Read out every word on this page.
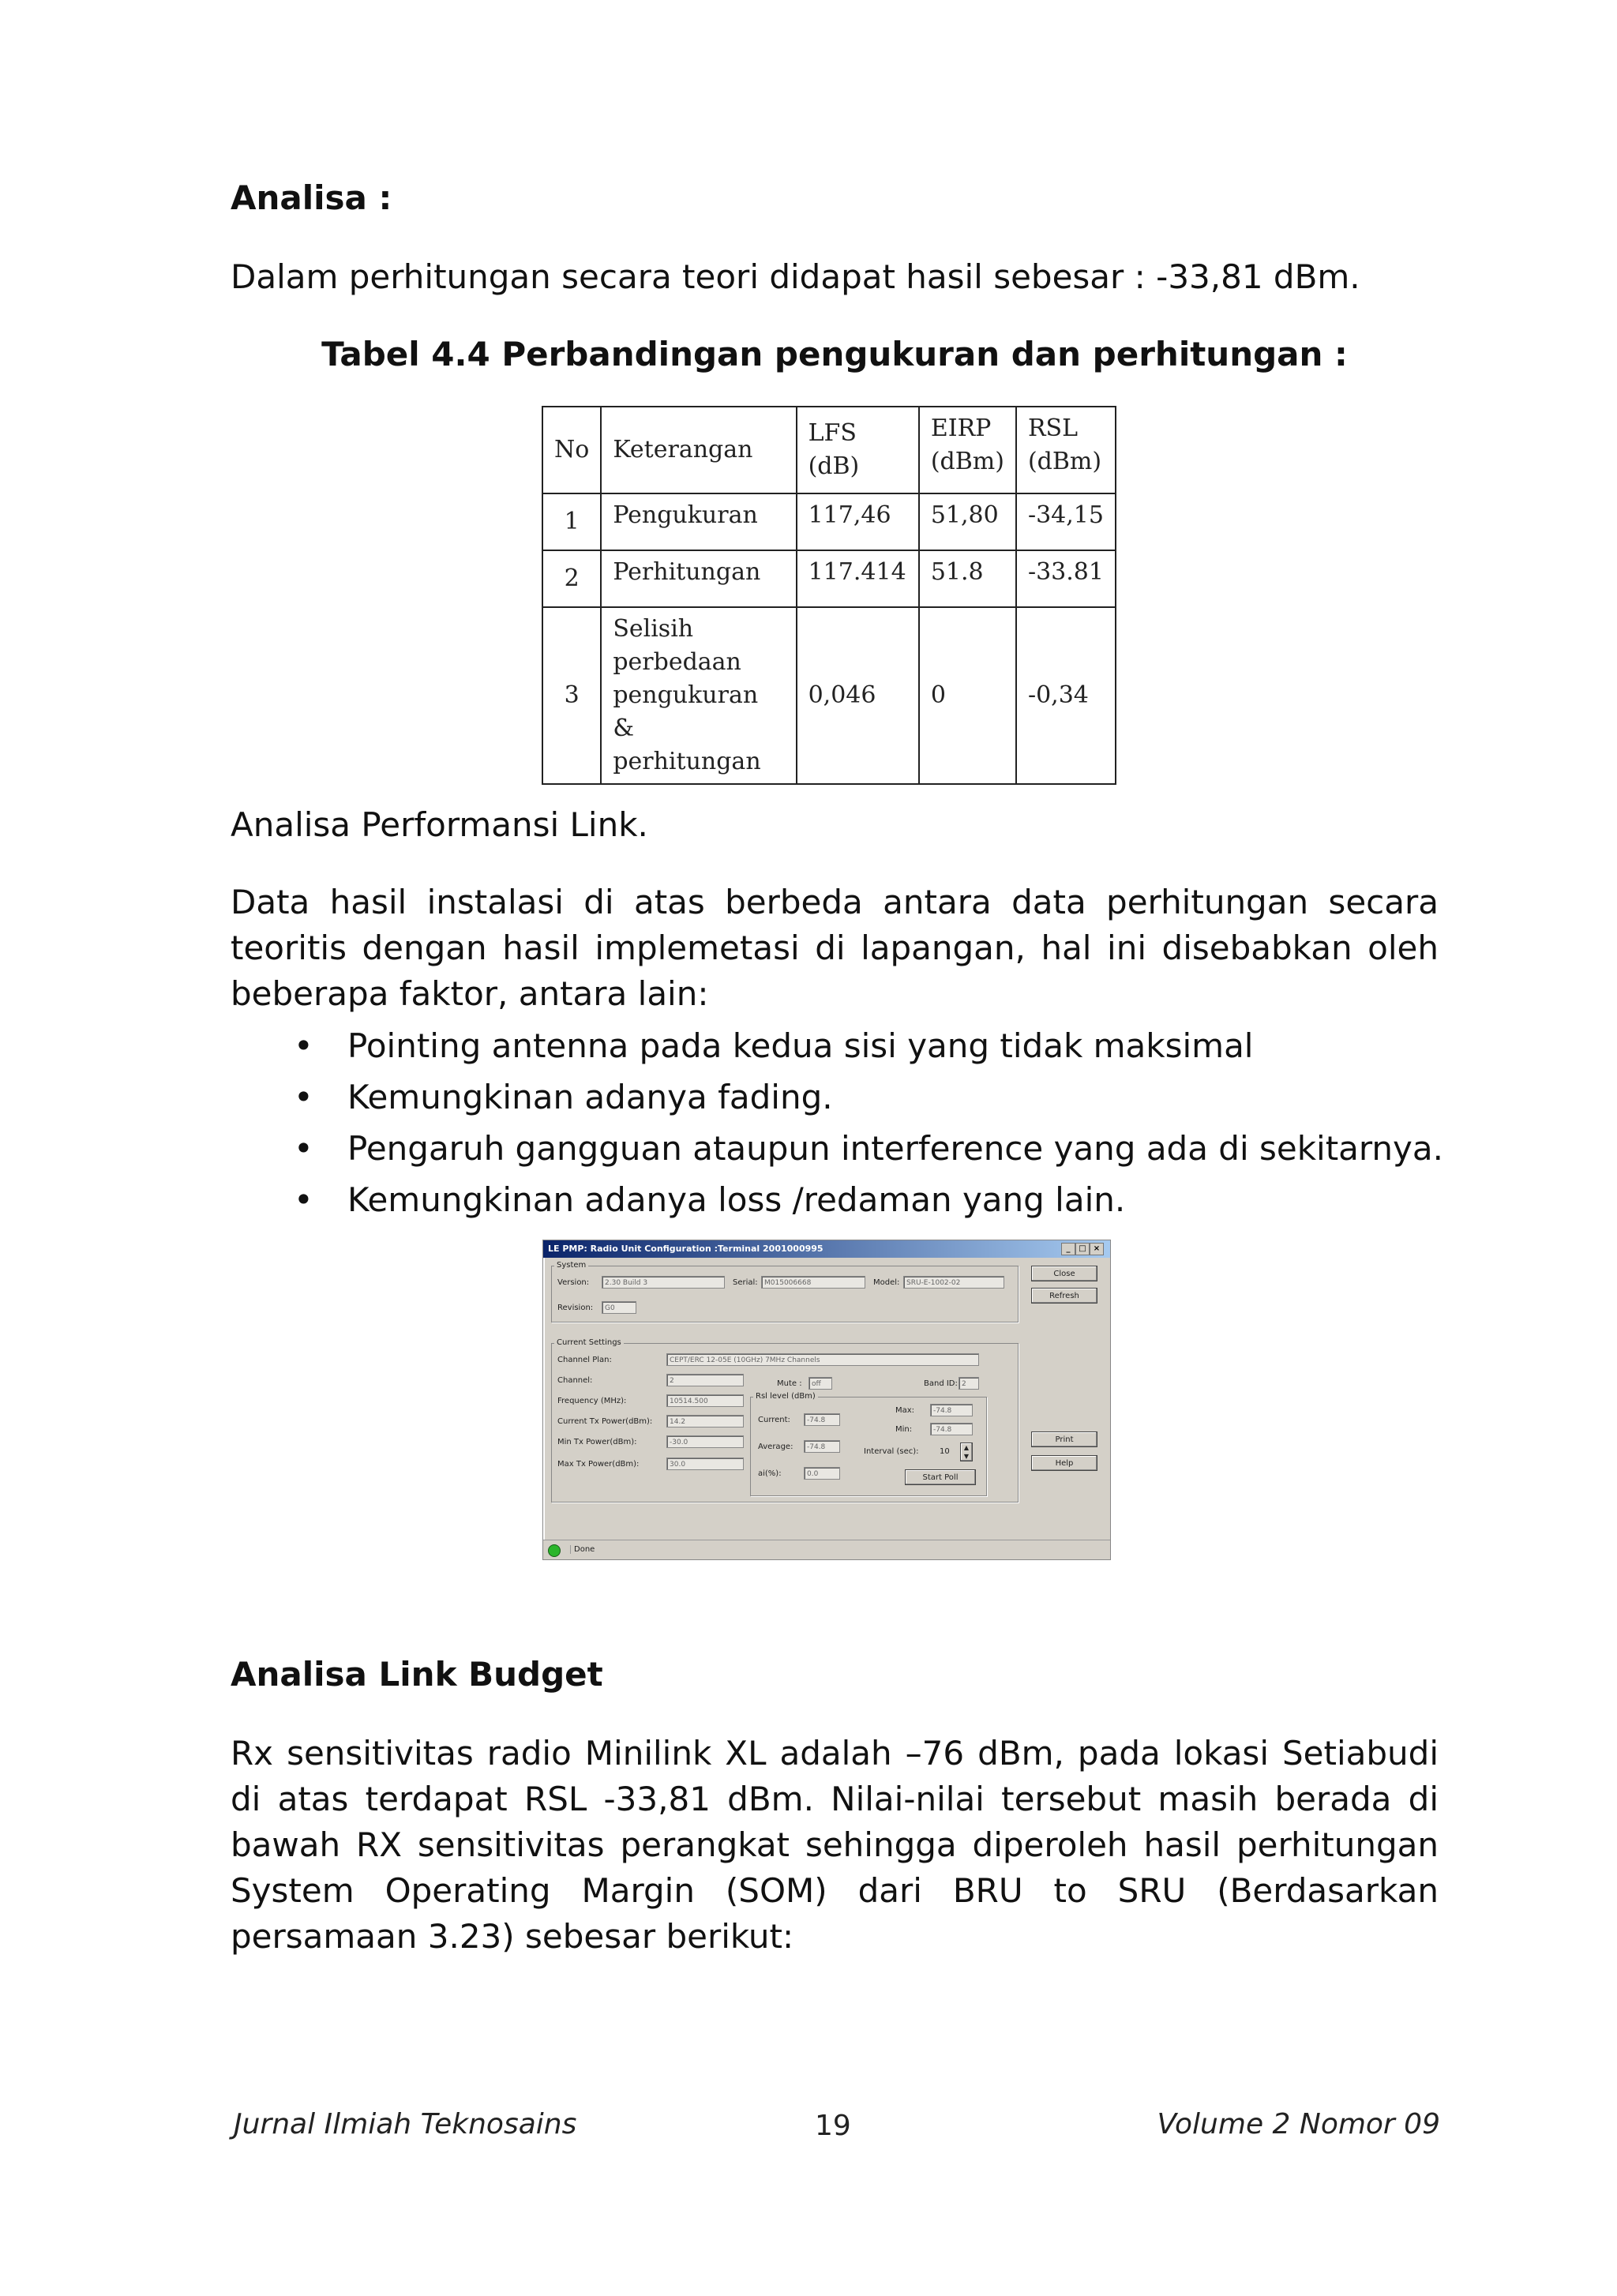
Analisa :
Dalam perhitungan secara teori didapat hasil sebesar : -33,81 dBm.
Tabel 4.4 Perbandingan pengukuran dan perhitungan :
No	Keterangan	LFS (dB)	EIRP (dBm)	RSL (dBm)
1	Pengukuran	117,46	51,80	-34,15
2	Perhitungan	117.414	51.8	-33.81
3	Selisih perbedaan pengukuran & perhitungan	0,046	0	-0,34
Analisa Performansi Link.
Data hasil instalasi di atas berbeda antara data perhitungan secara teoritis dengan hasil implemetasi di lapangan, hal ini disebabkan oleh beberapa faktor, antara lain:
• Pointing antenna pada kedua sisi yang tidak maksimal
• Kemungkinan adanya fading.
• Pengaruh gangguan ataupun interference yang ada di sekitarnya.
• Kemungkinan adanya loss /redaman yang lain.
LE PMP: Radio Unit Configuration :Terminal 2001000995	_	□ ×
System
Version:	2.30 Build 3	Serial: M015006668	Model: SRU-E-1002-02
Revision:	G0
Current Settings
Channel Plan:	CEPT/ERC 12-05E (10GHz) 7MHz Channels
Channel:	2	Mute :	off	Band ID: 2
Frequency (MHz):	10514.500
Rsl level (dBm)
Current Tx Power(dBm):	14.2	Current:	-74.8
Max:	-74.8
Min:	-74.8
Min Tx Power(dBm):	-30.0	Average:	-74.8	Interval (sec):	10	▲
▼
Max Tx Power(dBm):	30.0
ai(%):	0.0	Start Poll
Close
Refresh
Print
Help
Done
Analisa Link Budget
Rx sensitivitas radio Minilink XL adalah –76 dBm, pada lokasi Setiabudi di atas terdapat RSL -33,81 dBm. Nilai-nilai tersebut masih berada di bawah RX sensitivitas perangkat sehingga diperoleh hasil perhitungan System Operating Margin (SOM) dari BRU to SRU (Berdasarkan persamaan 3.23) sebesar berikut:
Jurnal Ilmiah Teknosains	19	Volume 2 Nomor 09
